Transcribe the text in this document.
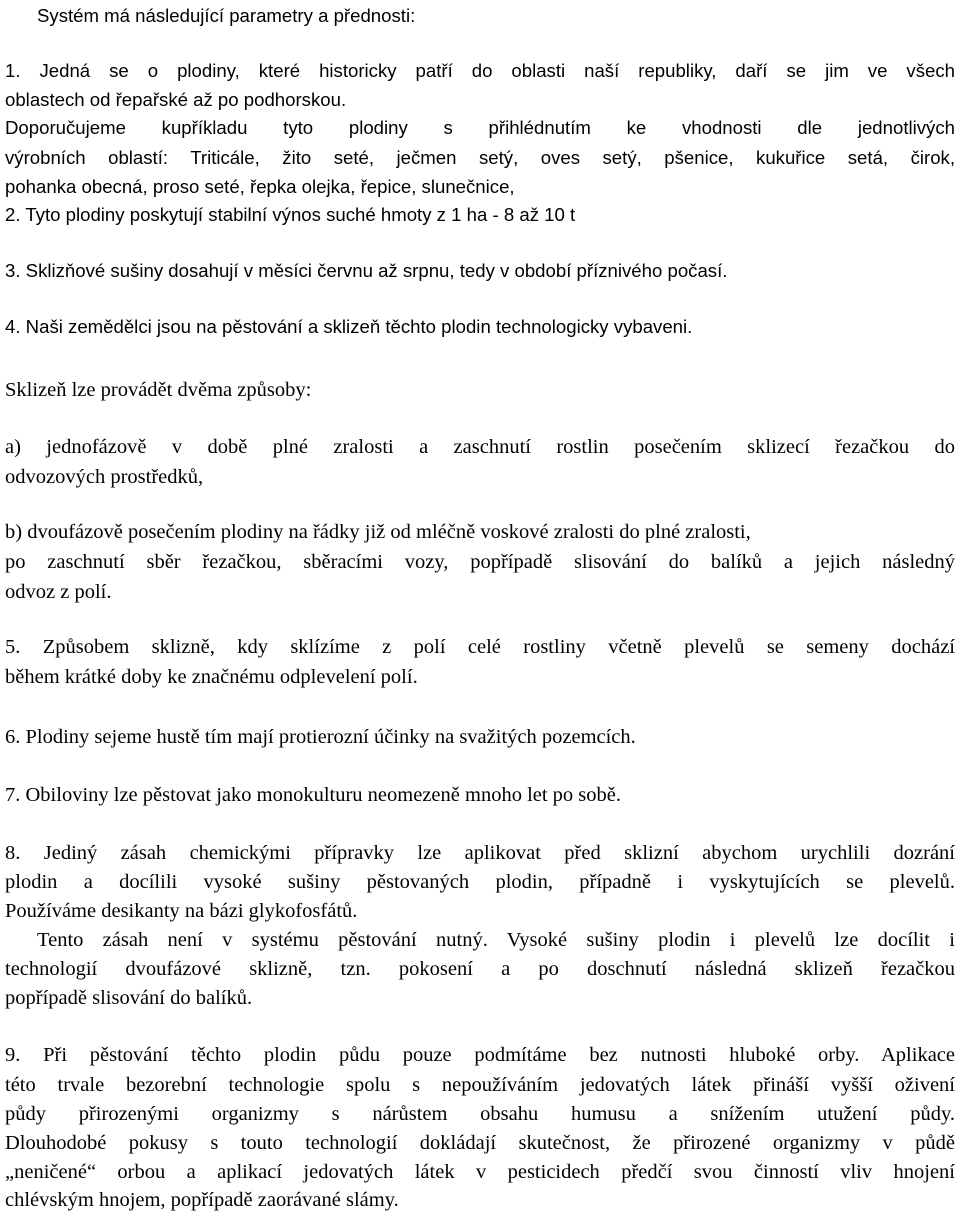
Systém má následující parametry a přednosti:
1. Jedná se o plodiny, které historicky patří do oblasti naší republiky, daří se jim ve všech
oblastech od řepařské až po podhorskou.
Doporučujeme kupříkladu tyto plodiny s přihlédnutím ke vhodnosti dle jednotlivých
výrobních oblastí: Triticále, žito seté, ječmen setý, oves setý, pšenice, kukuřice setá, čirok,
pohanka obecná, proso seté, řepka olejka, řepice, slunečnice,
2. Tyto plodiny poskytují stabilní výnos suché hmoty z 1 ha - 8 až 10 t
3. Sklizňové sušiny dosahují v měsíci červnu až srpnu, tedy v období příznivého počasí.
4. Naši zemědělci jsou na pěstování a sklizeň těchto plodin technologicky vybaveni.
Sklizeň lze provádět dvěma způsoby:
a) jednofázově v době plné zralosti a zaschnutí rostlin posečením sklizecí řezačkou do
odvozových prostředků,
b) dvoufázově posečením plodiny na řádky již od mléčně voskové zralosti do plné zralosti,
po zaschnutí sběr řezačkou, sběracími vozy, popřípadě slisování do balíků a jejich následný
odvoz z polí.
5. Způsobem sklizně, kdy sklízíme z polí celé rostliny včetně plevelů se semeny dochází
během krátké doby ke značnému odplevelení polí.
6. Plodiny sejeme hustě tím mají protierozní účinky na svažitých pozemcích.
7. Obiloviny lze pěstovat jako monokulturu neomezeně mnoho let po sobě.
8. Jediný zásah chemickými přípravky lze aplikovat před sklizní abychom urychlili dozrání
plodin a docílili vysoké sušiny pěstovaných plodin, případně i vyskytujících se plevelů.
Používáme desikanty na bázi glykofosfátů.
Tento zásah není v systému pěstování nutný. Vysoké sušiny plodin i plevelů lze docílit i
technologií dvoufázové sklizně, tzn. pokosení a po doschnutí následná sklizeň řezačkou
popřípadě slisování do balíků.
9. Při pěstování těchto plodin půdu pouze podmítáme bez nutnosti hluboké orby. Aplikace
této trvale bezorební technologie spolu s nepoužíváním jedovatých látek přináší vyšší oživení
půdy přirozenými organizmy s nárůstem obsahu humusu a snížením utužení půdy.
Dlouhodobé pokusy s touto technologií dokládají skutečnost, že přirozené organizmy v půdě
„neničené“ orbou a aplikací jedovatých látek v pesticidech předčí svou činností vliv hnojení
chlévským hnojem, popřípadě zaorávané slámy.
